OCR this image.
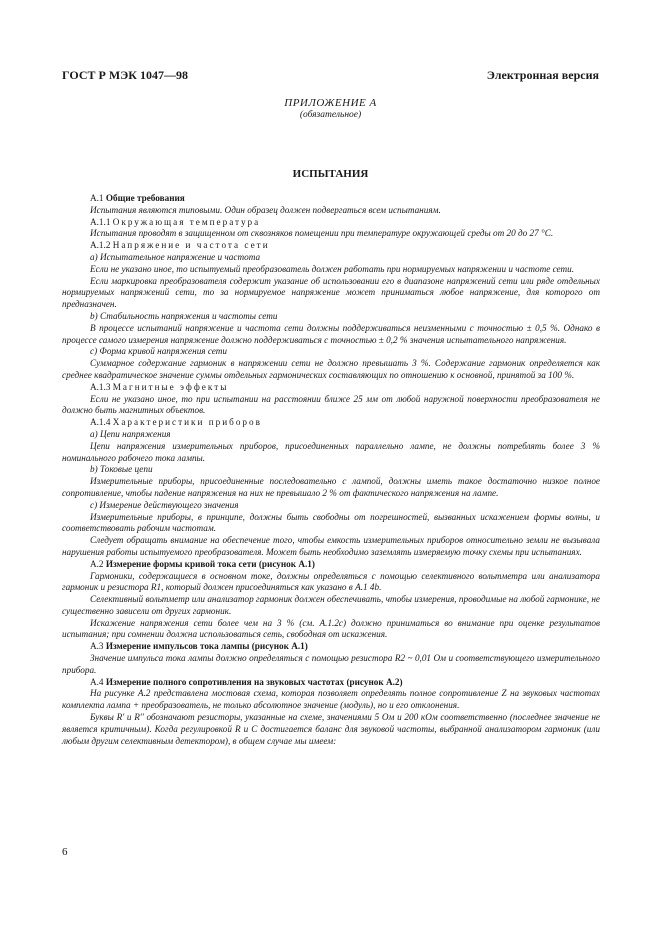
ГОСТ Р МЭК 1047—98	Электронная версия
ПРИЛОЖЕНИЕ А
(обязательное)
ИСПЫТАНИЯ

А.1 Общие требования

Испытания являются типовыми. Один образец должен подвергаться всем испытаниям.

А.1.1 Окружающая температура

Испытания проводят в защищенном от сквозняков помещении при температуре окружающей среды от 20 до 27 °С.

А.1.2 Напряжение и частота сети

а) Испытательное напряжение и частота

Если не указано иное, то испытуемый преобразователь должен работать при нормируемых напряжении и частоте сети.

Если маркировка преобразователя содержит указание об использовании его в диапазоне напряжений сети или ряде отдельных нормируемых напряжений сети, то за нормируемое напряжение может приниматься любое напряжение, для которого от предназначен.

b) Стабильность напряжения и частоты сети

В процессе испытаний напряжение и частота сети должны поддерживаться неизменными с точностью ± 0,5 %. Однако в процессе самого измерения напряжение должно поддерживаться с точностью ± 0,2 % значения испытательного напряжения.

с) Форма кривой напряжения сети

Суммарное содержание гармоник в напряжении сети не должно превышать 3 %. Содержание гармоник определяется как среднее квадратическое значение суммы отдельных гармонических составляющих по отношению к основной, принятой за 100 %.

А.1.3 Магнитные эффекты

Если не указано иное, то при испытании на расстоянии ближе 25 мм от любой наружной поверхности преобразователя не должно быть магнитных объектов.

А.1.4 Характеристики приборов

а) Цепи напряжения

Цепи напряжения измерительных приборов, присоединенных параллельно лампе, не должны потреблять более 3 % номинального рабочего тока лампы.

b) Токовые цепи

Измерительные приборы, присоединенные последовательно с лампой, должны иметь такое достаточно низкое полное сопротивление, чтобы падение напряжения на них не превышало 2 % от фактического напряжения на лампе.

с) Измерение действующего значения

Измерительные приборы, в принципе, должны быть свободны от погрешностей, вызванных искажением формы волны, и соответствовать рабочим частотам.

Следует обращать внимание на обеспечение того, чтобы емкость измерительных приборов относительно земли не вызывала нарушения работы испытуемого преобразователя. Может быть необходимо заземлять измеряемую точку схемы при испытаниях.

А.2 Измерение формы кривой тока сети (рисунок А.1)

Гармоники, содержащиеся в основном токе, должны определяться с помощью селективного вольтметра или анализатора гармоник и резистора R1, который должен присоединяться как указано в А.1 4b.

Селективный вольтметр или анализатор гармоник должен обеспечивать, чтобы измерения, проводимые на любой гармонике, не существенно зависели от других гармоник.

Искажение напряжения сети более чем на 3 % (см. А.1.2с) должно приниматься во внимание при оценке результатов испытания; при сомнении должна использоваться сеть, свободная от искажения.

А.3 Измерение импульсов тока лампы (рисунок А.1)

Значение импульса тока лампы должно определяться с помощью резистора R2 ~ 0,01 Ом и соответствующего измерительного прибора.

А.4 Измерение полного сопротивления на звуковых частотах (рисунок А.2)

На рисунке А.2 представлена мостовая схема, которая позволяет определять полное сопротивление Z на звуковых частотах комплекта лампа + преобразователь, не только абсолютное значение (модуль), но и его отклонения.

Буквы R' и R'' обозначают резисторы, указанные на схеме, значениями 5 Ом и 200 кОм соответственно (последнее значение не является критичным). Когда регулировкой R и С достигается баланс для звуковой частоты, выбранной анализатором гармоник (или любым другим селективным детектором), в общем случае мы имеем:

6
